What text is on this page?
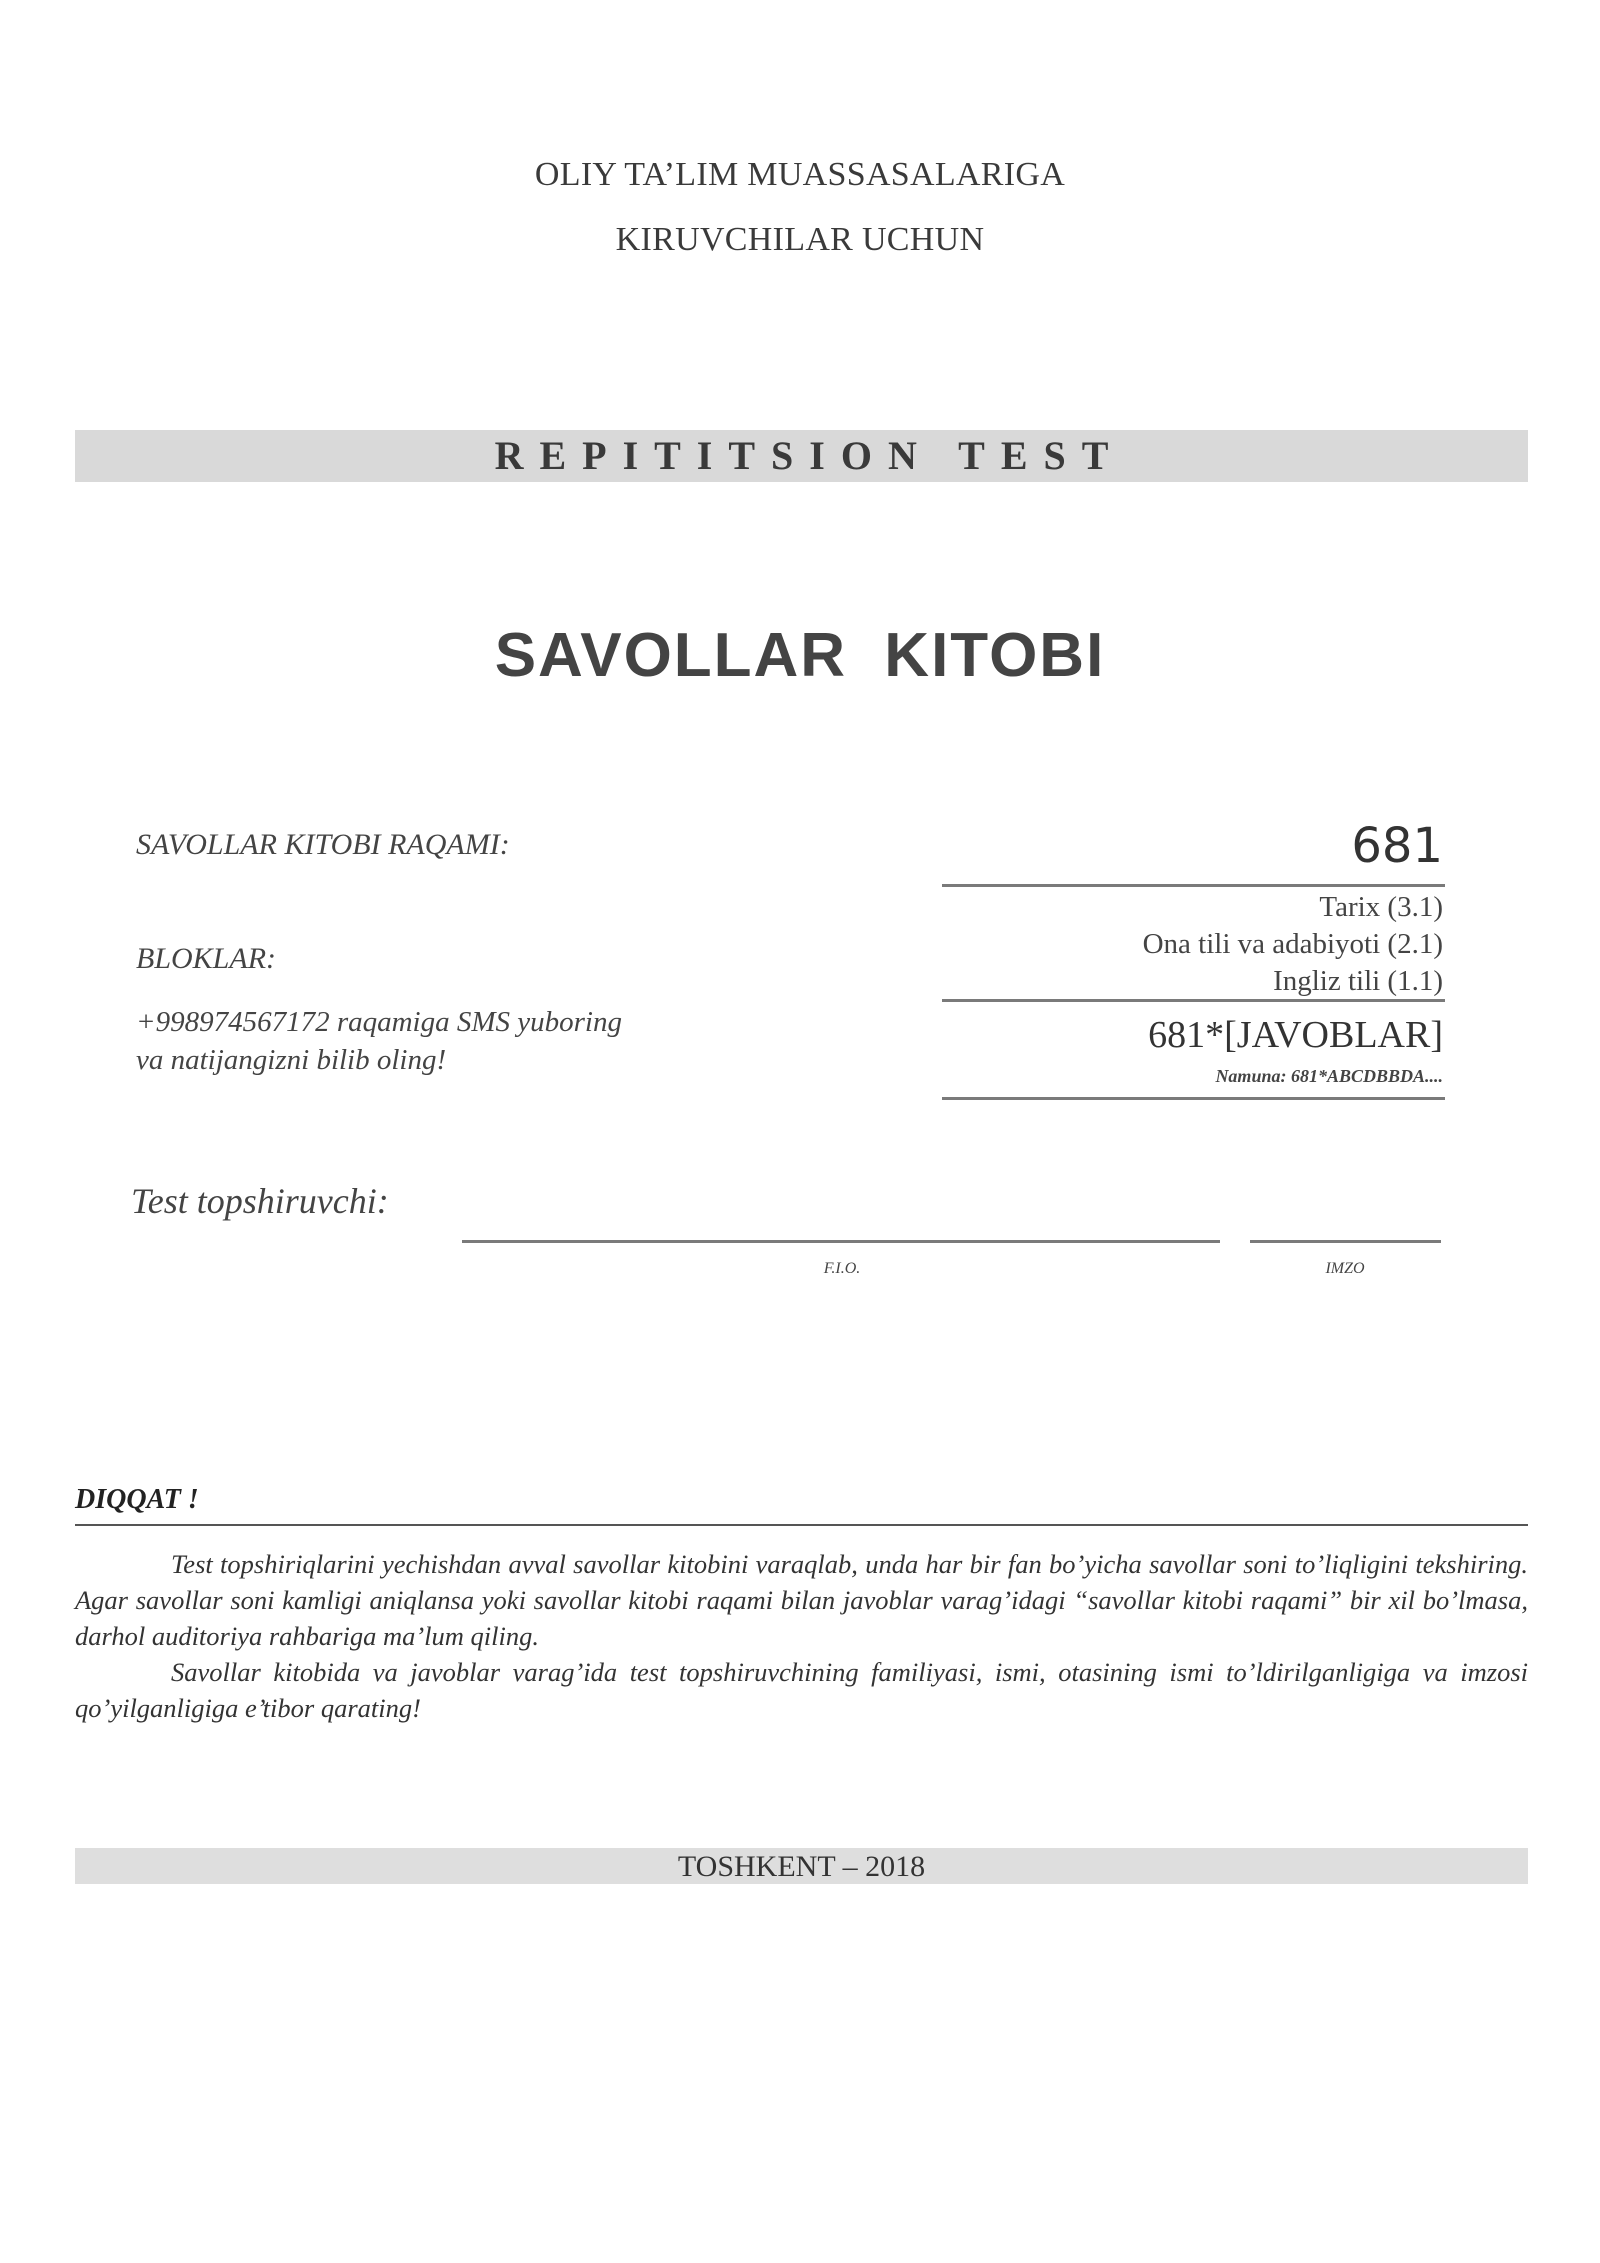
OLIY TA’LIM MUASSASALARIGA
KIRUVCHILAR UCHUN
REPITITSION TEST
SAVOLLAR KITOBI
SAVOLLAR KITOBI RAQAMI:	681
BLOKLAR:
Tarix (3.1)
Ona tili va adabiyoti (2.1)
Ingliz tili (1.1)
+998974567172 raqamiga SMS yuboring
va natijangizni bilib oling!
681*[JAVOBLAR]
Namuna: 681*ABCDBBDA....
Test topshiruvchi:
F.I.O.	IMZO
DIQQAT !

Test topshiriqlarini yechishdan avval savollar kitobini varaqlab, unda har bir fan bo’yicha savollar soni to’liqligini tekshiring. Agar savollar soni kamligi aniqlansa yoki savollar kitobi raqami bilan javoblar varag’idagi “savollar kitobi raqami” bir xil bo’lmasa, darhol auditoriya rahbariga ma’lum qiling.

Savollar kitobida va javoblar varag’ida test topshiruvchining familiyasi, ismi, otasining ismi to’ldirilganligiga va imzosi qo’yilganligiga e’tibor qarating!

TOSHKENT – 2018
